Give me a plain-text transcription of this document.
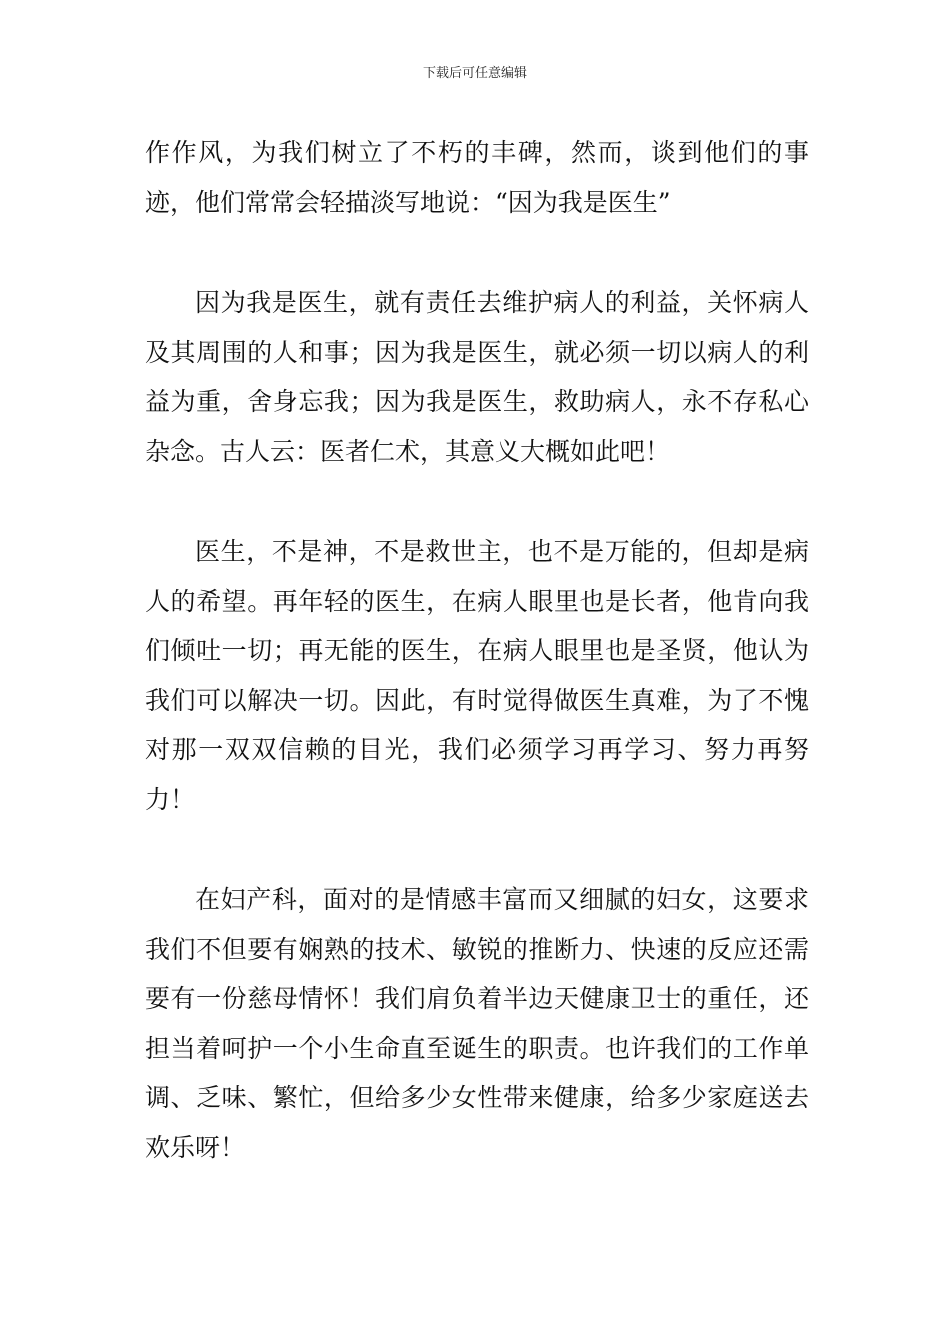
下载后可任意编辑

作作风，为我们树立了不朽的丰碑，然而，谈到他们的事迹，他们常常会轻描淡写地说：“因为我是医生”

因为我是医生，就有责任去维护病人的利益，关怀病人及其周围的人和事；因为我是医生，就必须一切以病人的利益为重，舍身忘我；因为我是医生，救助病人，永不存私心杂念。古人云：医者仁术，其意义大概如此吧！

医生，不是神，不是救世主，也不是万能的，但却是病人的希望。再年轻的医生，在病人眼里也是长者，他肯向我们倾吐一切；再无能的医生，在病人眼里也是圣贤，他认为我们可以解决一切。因此，有时觉得做医生真难，为了不愧对那一双双信赖的目光，我们必须学习再学习、努力再努力！

在妇产科，面对的是情感丰富而又细腻的妇女，这要求我们不但要有娴熟的技术、敏锐的推断力、快速的反应还需要有一份慈母情怀！我们肩负着半边天健康卫士的重任，还担当着呵护一个小生命直至诞生的职责。也许我们的工作单调、乏味、繁忙，但给多少女性带来健康，给多少家庭送去欢乐呀！
